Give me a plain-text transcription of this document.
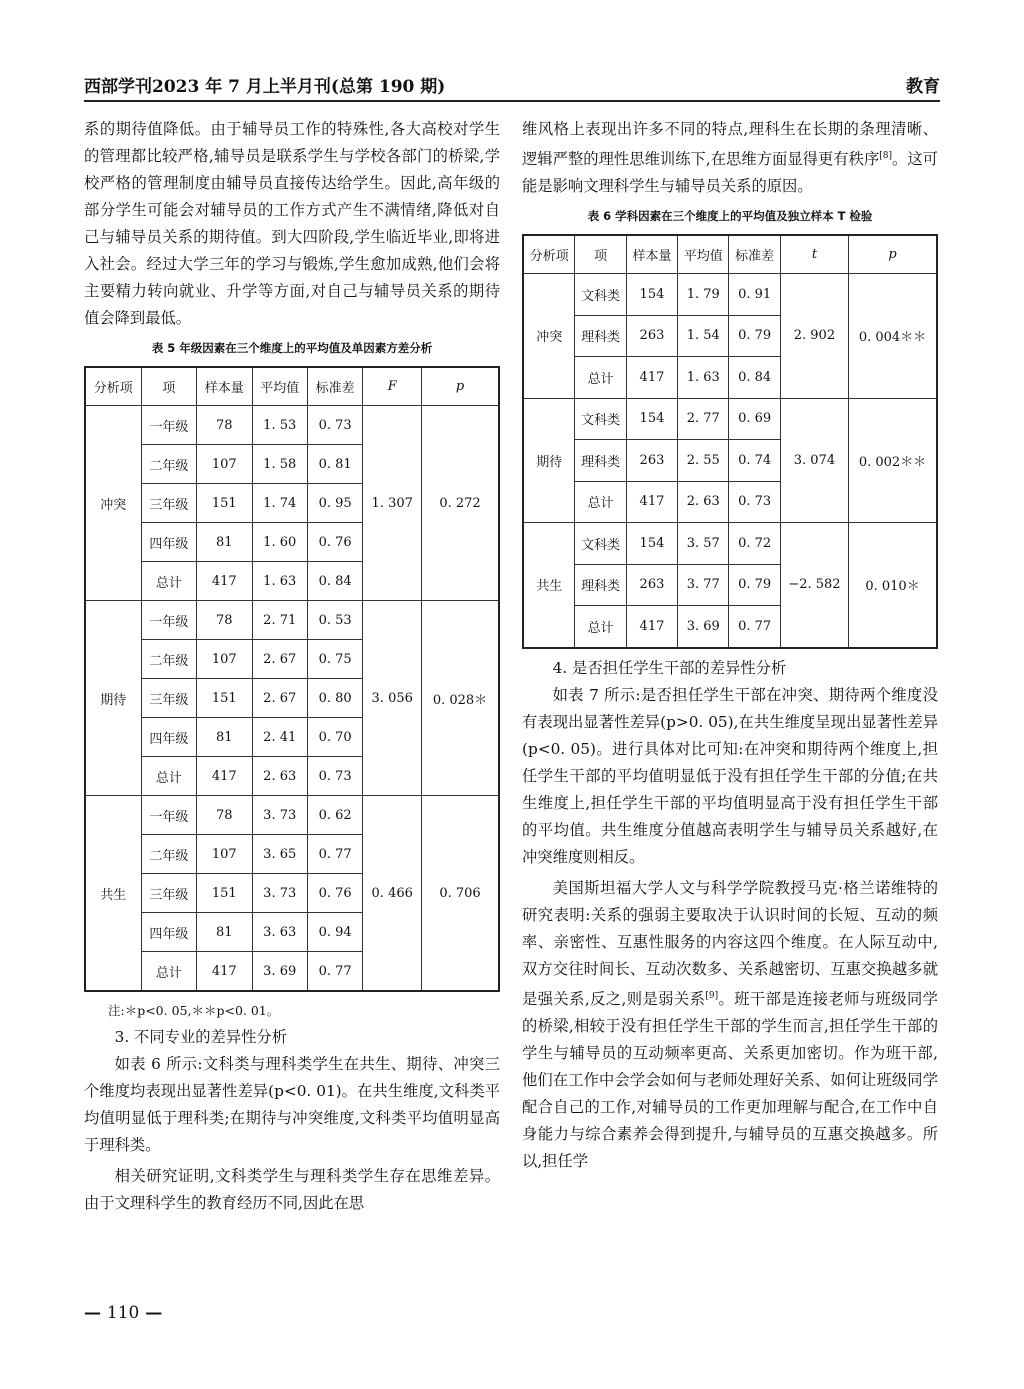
西部学刊2023 年 7 月上半月刊(总第 190 期)	教育

系的期待值降低。由于辅导员工作的特殊性,各大高校对学生的管理都比较严格,辅导员是联系学生与学校各部门的桥梁,学校严格的管理制度由辅导员直接传达给学生。因此,高年级的部分学生可能会对辅导员的工作方式产生不满情绪,降低对自己与辅导员关系的期待值。到大四阶段,学生临近毕业,即将进入社会。经过大学三年的学习与锻炼,学生愈加成熟,他们会将主要精力转向就业、升学等方面,对自己与辅导员关系的期待值会降到最低。

表 5 年级因素在三个维度上的平均值及单因素方差分析
分析项	项	样本量	平均值	标准差	F	p
冲突	一年级	78	1. 53	0. 73	1. 307	0. 272
	二年级	107	1. 58	0. 81		
	三年级	151	1. 74	0. 95		
	四年级	81	1. 60	0. 76		
	总计	417	1. 63	0. 84		
期待	一年级	78	2. 71	0. 53	3. 056	0. 028＊
	二年级	107	2. 67	0. 75		
	三年级	151	2. 67	0. 80		
	四年级	81	2. 41	0. 70		
	总计	417	2. 63	0. 73		
共生	一年级	78	3. 73	0. 62	0. 466	0. 706
	二年级	107	3. 65	0. 77		
	三年级	151	3. 73	0. 76		
	四年级	81	3. 63	0. 94		
	总计	417	3. 69	0. 77		

注:＊p<0. 05,＊＊p<0. 01。

3. 不同专业的差异性分析

如表 6 所示:文科类与理科类学生在共生、期待、冲突三个维度均表现出显著性差异(p<0. 01)。在共生维度,文科类平均值明显低于理科类;在期待与冲突维度,文科类平均值明显高于理科类。

相关研究证明,文科类学生与理科类学生存在思维差异。由于文理科学生的教育经历不同,因此在思

维风格上表现出许多不同的特点,理科生在长期的条理清晰、逻辑严整的理性思维训练下,在思维方面显得更有秩序[8]。这可能是影响文理科学生与辅导员关系的原因。

表 6 学科因素在三个维度上的平均值及独立样本 T 检验
分析项	项	样本量	平均值	标准差	t	p
冲突	文科类	154	1. 79	0. 91	2. 902	0. 004＊＊
	理科类	263	1. 54	0. 79		
	总计	417	1. 63	0. 84		
期待	文科类	154	2. 77	0. 69	3. 074	0. 002＊＊
	理科类	263	2. 55	0. 74		
	总计	417	2. 63	0. 73		
共生	文科类	154	3. 57	0. 72	−2. 582	0. 010＊
	理科类	263	3. 77	0. 79		
	总计	417	3. 69	0. 77		

4. 是否担任学生干部的差异性分析

如表 7 所示:是否担任学生干部在冲突、期待两个维度没有表现出显著性差异(p>0. 05),在共生维度呈现出显著性差异(p<0. 05)。进行具体对比可知:在冲突和期待两个维度上,担任学生干部的平均值明显低于没有担任学生干部的分值;在共生维度上,担任学生干部的平均值明显高于没有担任学生干部的平均值。共生维度分值越高表明学生与辅导员关系越好,在冲突维度则相反。

美国斯坦福大学人文与科学学院教授马克·格兰诺维特的研究表明:关系的强弱主要取决于认识时间的长短、互动的频率、亲密性、互惠性服务的内容这四个维度。在人际互动中,双方交往时间长、互动次数多、关系越密切、互惠交换越多就是强关系,反之,则是弱关系[9]。班干部是连接老师与班级同学的桥梁,相较于没有担任学生干部的学生而言,担任学生干部的学生与辅导员的互动频率更高、关系更加密切。作为班干部,他们在工作中会学会如何与老师处理好关系、如何让班级同学配合自己的工作,对辅导员的工作更加理解与配合,在工作中自身能力与综合素养会得到提升,与辅导员的互惠交换越多。所以,担任学

— 110 —
